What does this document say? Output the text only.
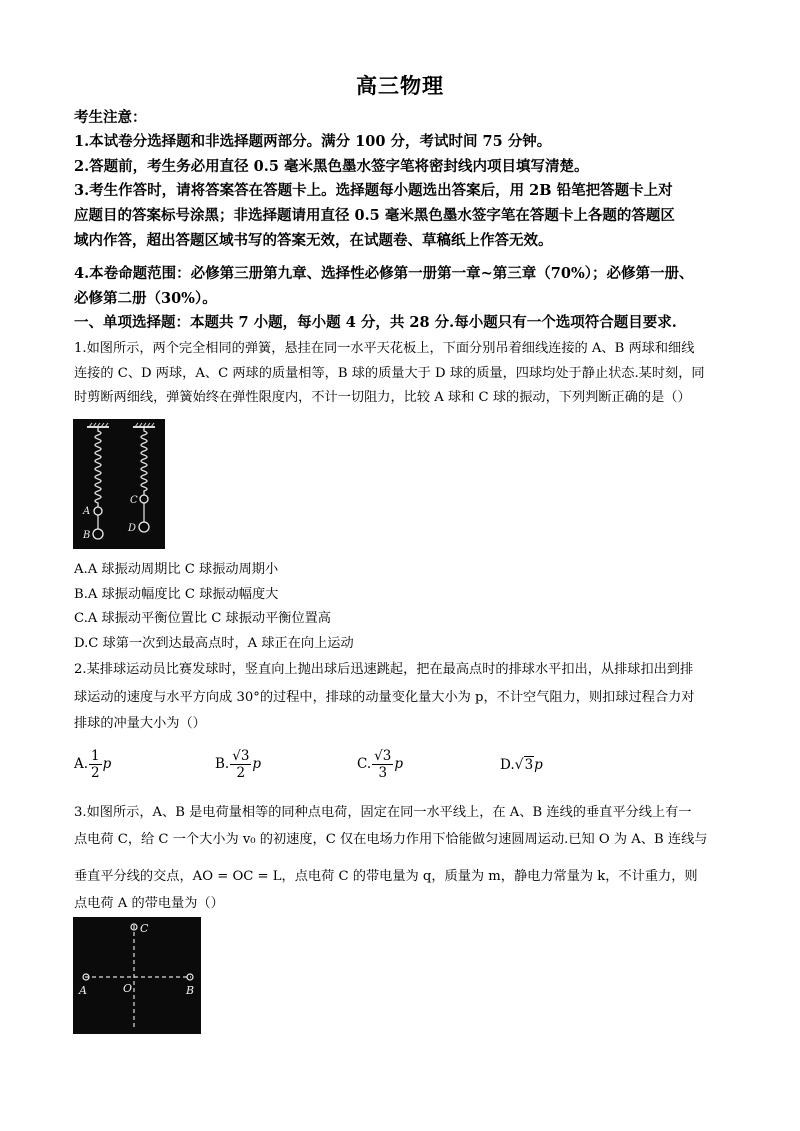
高三物理
考生注意：
1.本试卷分选择题和非选择题两部分。满分 100 分，考试时间 75 分钟。
2.答题前，考生务必用直径 0.5 毫米黑色墨水签字笔将密封线内项目填写清楚。
3.考生作答时，请将答案答在答题卡上。选择题每小题选出答案后，用 2B 铅笔把答题卡上对
应题目的答案标号涂黑；非选择题请用直径 0.5 毫米黑色墨水签字笔在答题卡上各题的答题区
域内作答，超出答题区域书写的答案无效，在试题卷、草稿纸上作答无效。
4.本卷命题范围：必修第三册第九章、选择性必修第一册第一章~第三章（70%）；必修第一册、
必修第二册（30%）。
一、单项选择题：本题共 7 小题，每小题 4 分，共 28 分.每小题只有一个选项符合题目要求.
1.如图所示，两个完全相同的弹簧，悬挂在同一水平天花板上，下面分别吊着细线连接的 A、B 两球和细线
连接的 C、D 两球，A、C 两球的质量相等，B 球的质量大于 D 球的质量，四球均处于静止状态.某时刻，同
时剪断两细线，弹簧始终在弹性限度内，不计一切阻力，比较 A 球和 C 球的振动，下列判断正确的是（）
A
B
C
D
A.A 球振动周期比 C 球振动周期小
B.A 球振动幅度比 C 球振动幅度大
C.A 球振动平衡位置比 C 球振动平衡位置高
D.C 球第一次到达最高点时，A 球正在向上运动
2.某排球运动员比赛发球时，竖直向上抛出球后迅速跳起，把在最高点时的排球水平扣出，从排球扣出到排
球运动的速度与水平方向成 30°的过程中，排球的动量变化量大小为 p，不计空气阻力，则扣球过程合力对
排球的冲量大小为（）
A. $\frac{1}{2}$ p	B. $\frac{√3}{2}$ p	C. $\frac{√3}{3}$ p	D.√3p
3.如图所示，A、B 是电荷量相等的同种点电荷，固定在同一水平线上，在 A、B 连线的垂直平分线上有一
点电荷 C，给 C 一个大小为 v₀ 的初速度，C 仅在电场力作用下恰能做匀速圆周运动.已知 O 为 A、B 连线与
垂直平分线的交点，AO = OC = L，点电荷 C 的带电量为 q，质量为 m，静电力常量为 k，不计重力，则
点电荷 A 的带电量为（）
C
A	O	B
